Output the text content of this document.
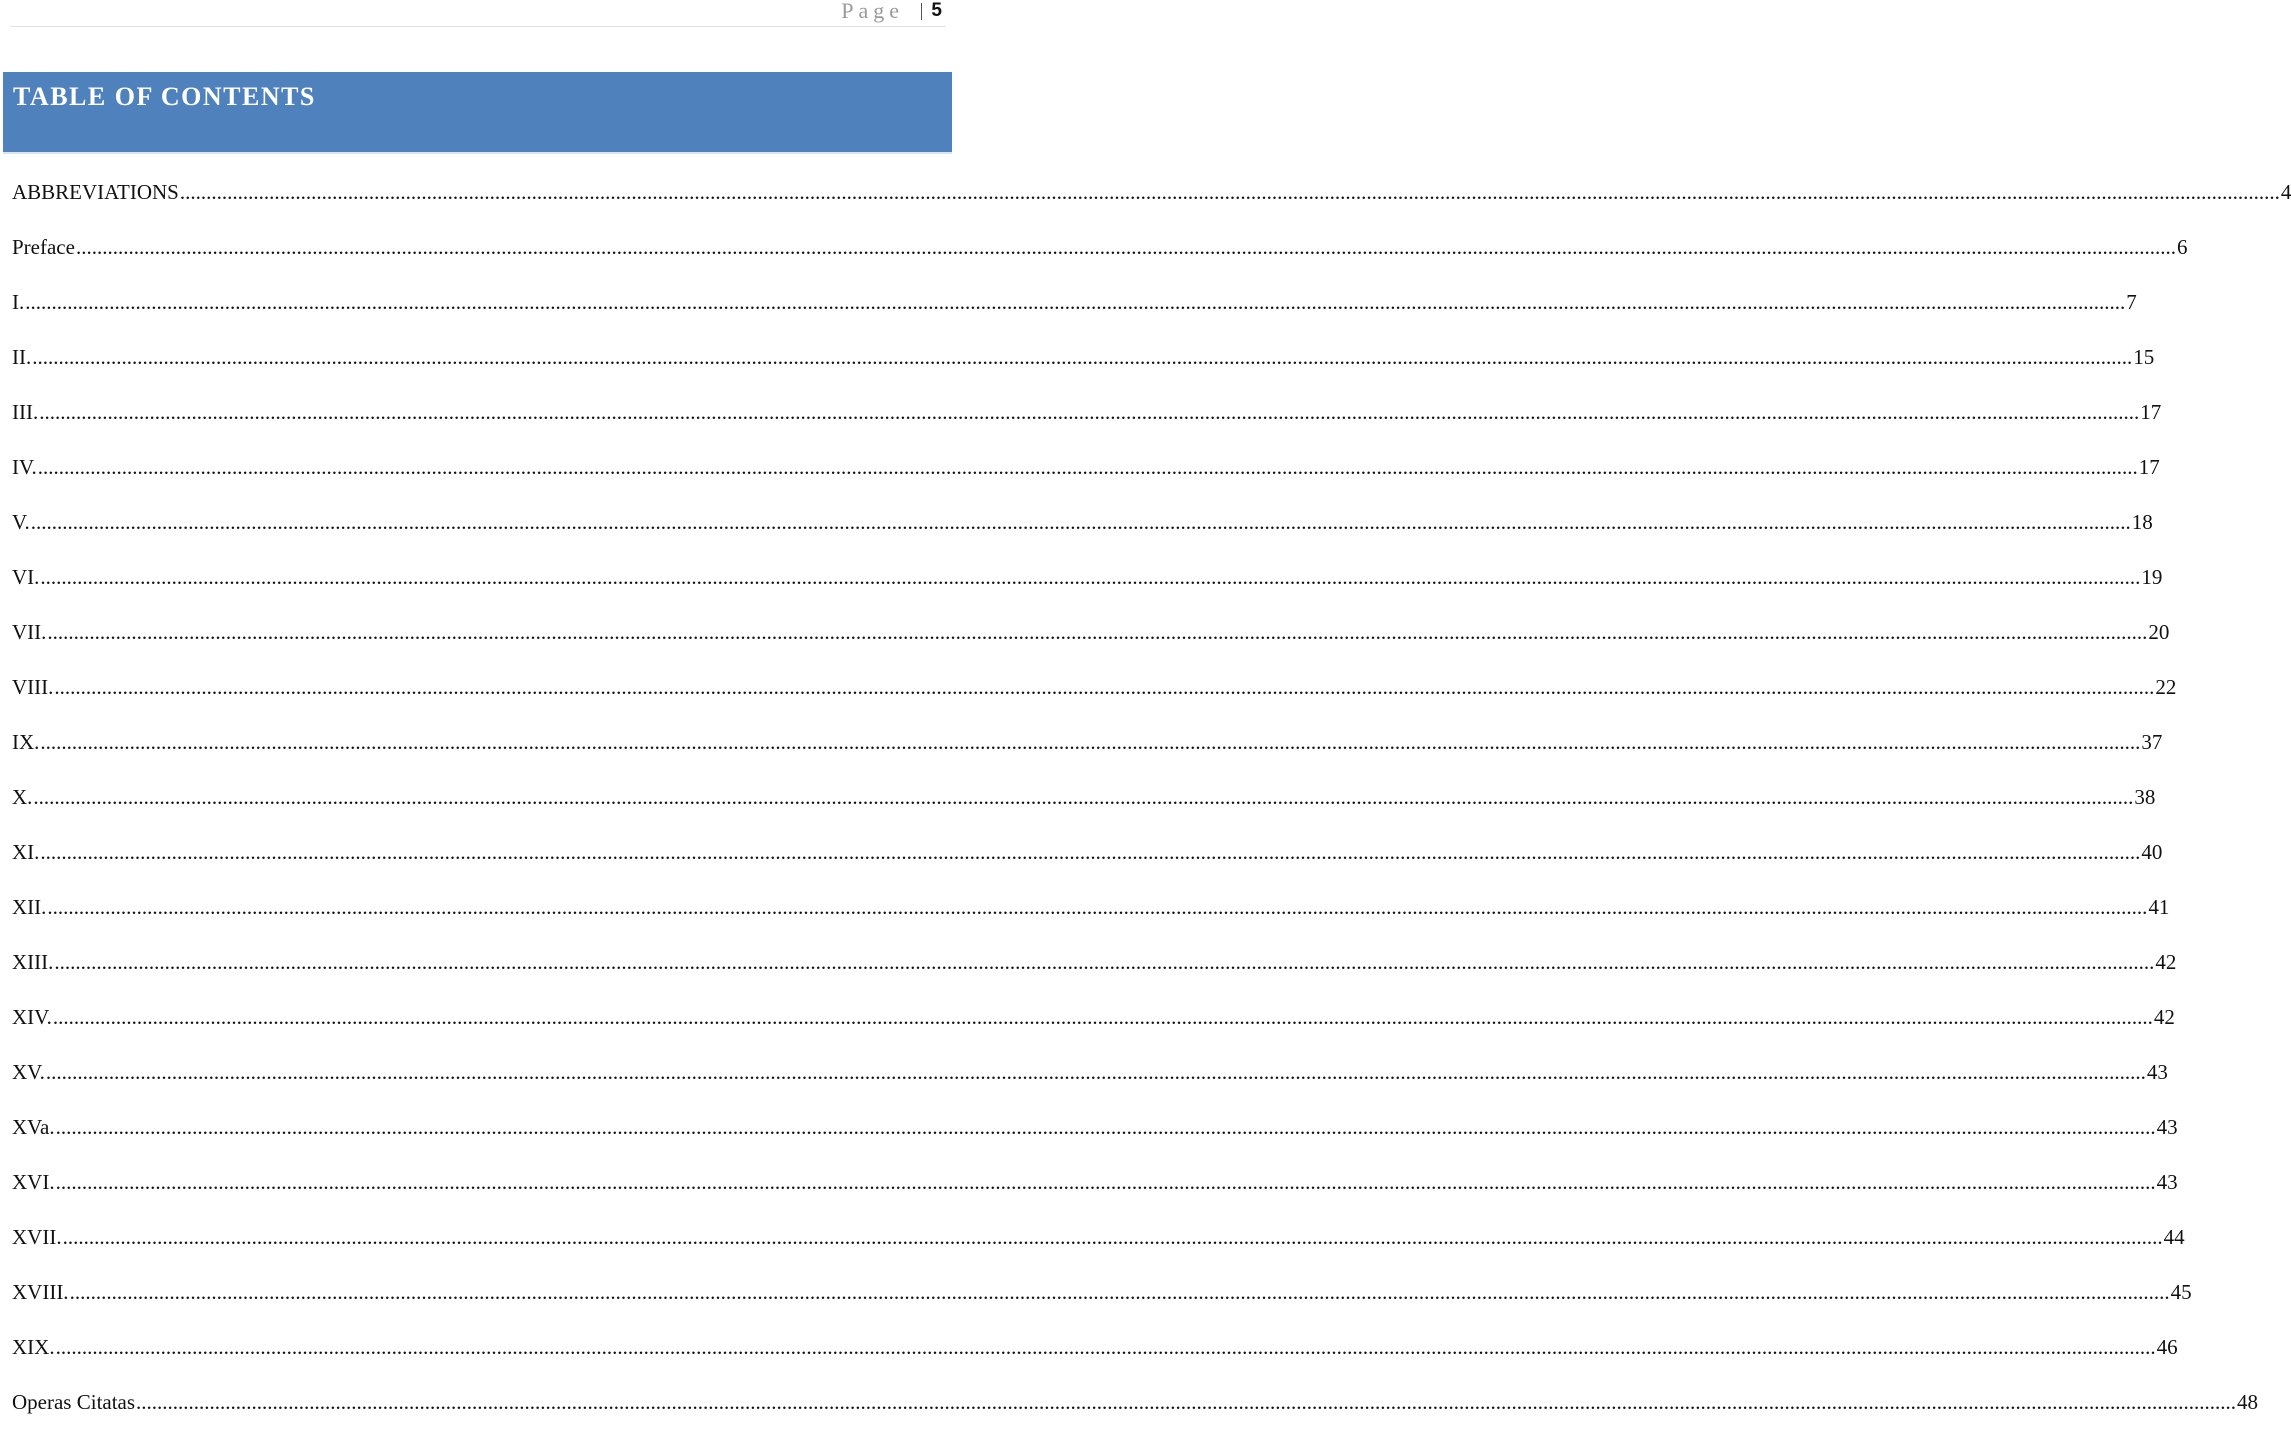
Page 5
TABLE OF CONTENTS
ABBREVIATIONS ................................................................................................................................................................................................................................................................................................................................................................................................................ 4
Preface ................................................................................................................................................................................................................................................................................................................................................................................................................ 6
I. ................................................................................................................................................................................................................................................................................................................................................................................................................ 7
II. ................................................................................................................................................................................................................................................................................................................................................................................................................ 15
III. ................................................................................................................................................................................................................................................................................................................................................................................................................ 17
IV. ................................................................................................................................................................................................................................................................................................................................................................................................................ 17
V. ................................................................................................................................................................................................................................................................................................................................................................................................................ 18
VI. ................................................................................................................................................................................................................................................................................................................................................................................................................ 19
VII. ................................................................................................................................................................................................................................................................................................................................................................................................................ 20
VIII. ................................................................................................................................................................................................................................................................................................................................................................................................................ 22
IX. ................................................................................................................................................................................................................................................................................................................................................................................................................ 37
X. ................................................................................................................................................................................................................................................................................................................................................................................................................ 38
XI. ................................................................................................................................................................................................................................................................................................................................................................................................................ 40
XII. ................................................................................................................................................................................................................................................................................................................................................................................................................ 41
XIII. ................................................................................................................................................................................................................................................................................................................................................................................................................ 42
XIV. ................................................................................................................................................................................................................................................................................................................................................................................................................ 42
XV. ................................................................................................................................................................................................................................................................................................................................................................................................................ 43
XVa. ................................................................................................................................................................................................................................................................................................................................................................................................................ 43
XVI. ................................................................................................................................................................................................................................................................................................................................................................................................................ 43
XVII. ................................................................................................................................................................................................................................................................................................................................................................................................................ 44
XVIII. ................................................................................................................................................................................................................................................................................................................................................................................................................ 45
XIX. ................................................................................................................................................................................................................................................................................................................................................................................................................ 46
Operas Citatas ................................................................................................................................................................................................................................................................................................................................................................................................................ 48
